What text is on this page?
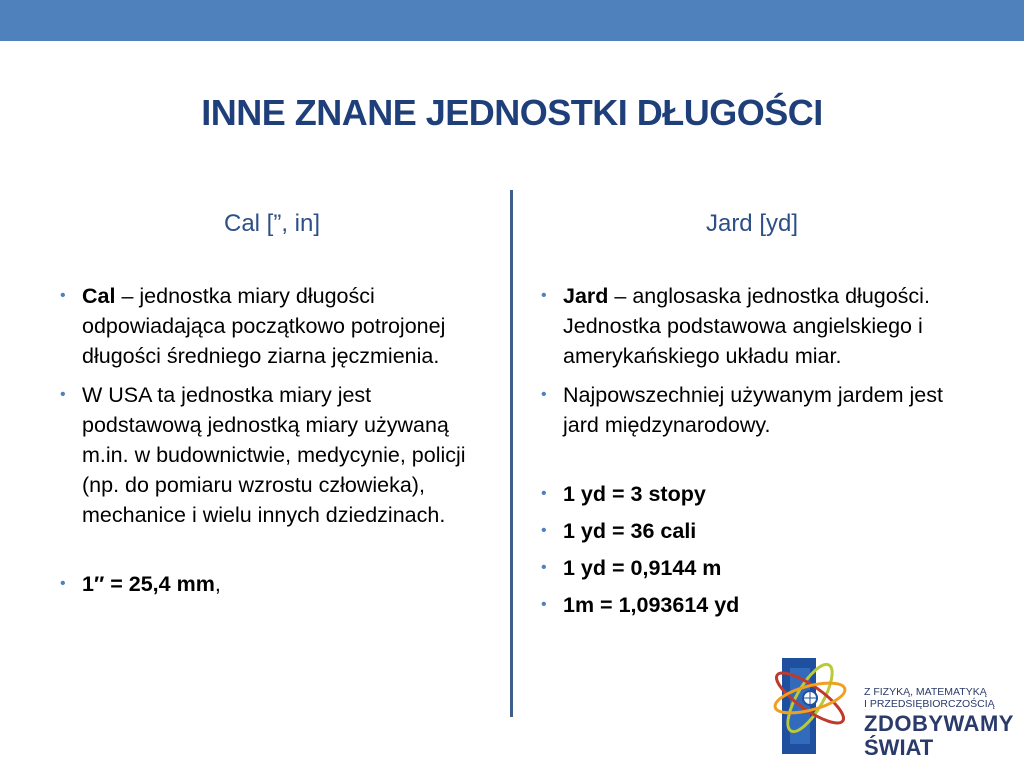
INNE ZNANE JEDNOSTKI DŁUGOŚCI
Cal [”, in]	Jard [yd]
• Cal – jednostka miary długości odpowiadająca początkowo potrojonej długości średniego ziarna jęczmienia.
• W USA ta jednostka miary jest podstawową jednostką miary używaną m.in. w budownictwie, medycynie, policji (np. do pomiaru wzrostu człowieka), mechanice i wielu innych dziedzinach.
• 1″ = 25,4 mm,
• Jard – anglosaska jednostka długości. Jednostka podstawowa angielskiego i amerykańskiego układu miar.
• Najpowszechniej używanym jardem jest jard międzynarodowy.
• 1 yd = 3 stopy
• 1 yd = 36 cali
• 1 yd = 0,9144 m
• 1m = 1,093614 yd
Z FIZYKĄ, MATEMATYKĄ
I PRZEDSIĘBIORCZOŚCIĄ
ZDOBYWAMY
ŚWIAT
